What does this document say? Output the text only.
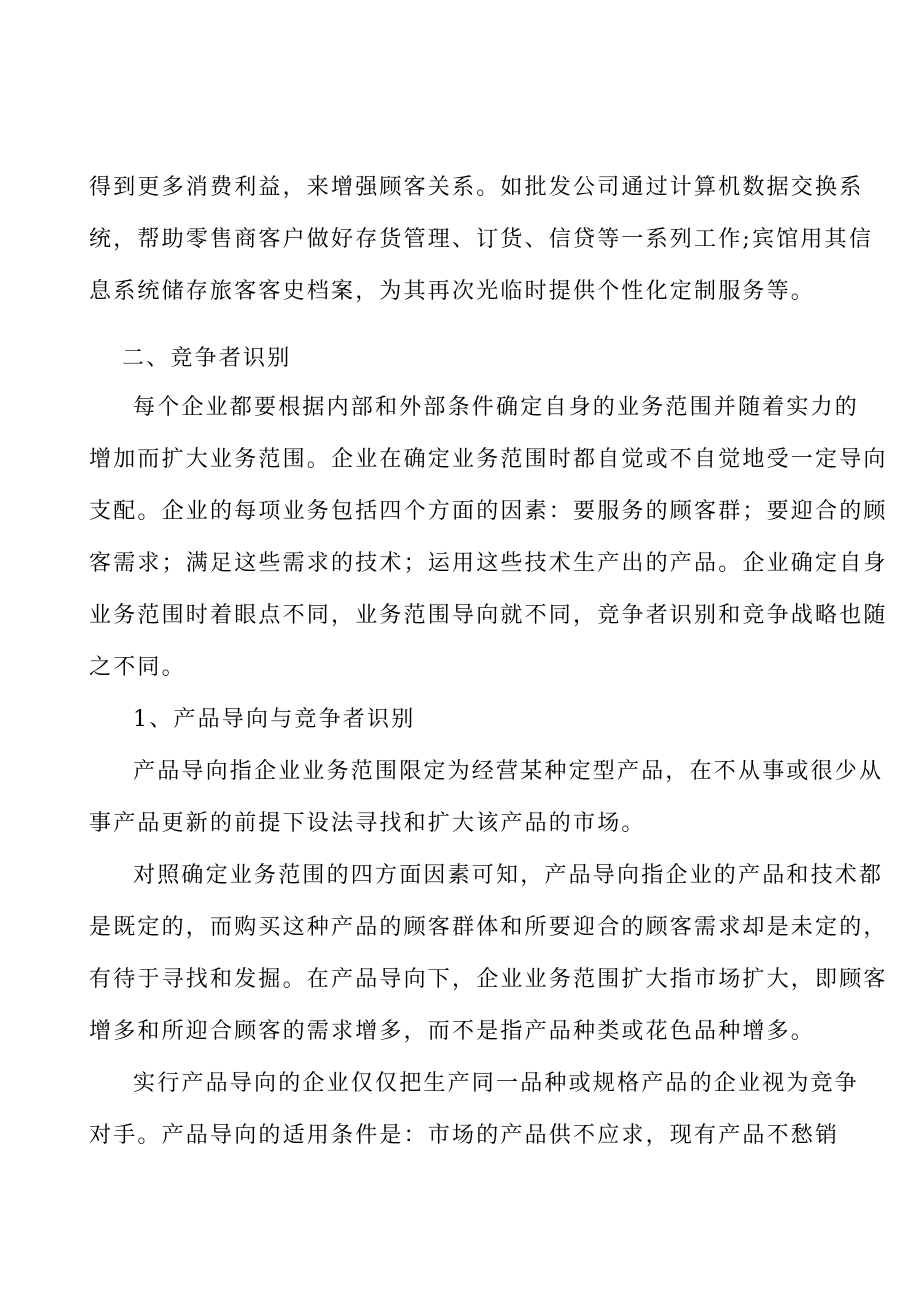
得到更多消费利益，来增强顾客关系。如批发公司通过计算机数据交换系
统，帮助零售商客户做好存货管理、订货、信贷等一系列工作;宾馆用其信
息系统储存旅客客史档案，为其再次光临时提供个性化定制服务等。
二、竞争者识别
每个企业都要根据内部和外部条件确定自身的业务范围并随着实力的
增加而扩大业务范围。企业在确定业务范围时都自觉或不自觉地受一定导向
支配。企业的每项业务包括四个方面的因素：要服务的顾客群；要迎合的顾
客需求；满足这些需求的技术；运用这些技术生产出的产品。企业确定自身
业务范围时着眼点不同，业务范围导向就不同，竞争者识别和竞争战略也随
之不同。
1、产品导向与竞争者识别
产品导向指企业业务范围限定为经营某种定型产品，在不从事或很少从
事产品更新的前提下设法寻找和扩大该产品的市场。
对照确定业务范围的四方面因素可知，产品导向指企业的产品和技术都
是既定的，而购买这种产品的顾客群体和所要迎合的顾客需求却是未定的，
有待于寻找和发掘。在产品导向下，企业业务范围扩大指市场扩大，即顾客
增多和所迎合顾客的需求增多，而不是指产品种类或花色品种增多。
实行产品导向的企业仅仅把生产同一品种或规格产品的企业视为竞争
对手。产品导向的适用条件是：市场的产品供不应求，现有产品不愁销
